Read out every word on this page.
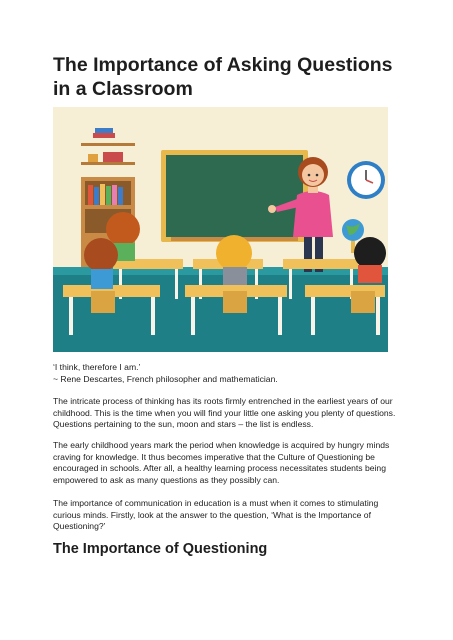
The Importance of Asking Questions in a Classroom

‘I think, therefore I am.’

~ Rene Descartes, French philosopher and mathematician.

The intricate process of thinking has its roots firmly entrenched in the earliest years of our childhood. This is the time when you will find your little one asking you plenty of questions. Questions pertaining to the sun, moon and stars – the list is endless.

The early childhood years mark the period when knowledge is acquired by hungry minds craving for knowledge. It thus becomes imperative that the Culture of Questioning be encouraged in schools. After all, a healthy learning process necessitates students being empowered to ask as many questions as they possibly can.

The importance of communication in education is a must when it comes to stimulating curious minds. Firstly, look at the answer to the question, ‘What is the Importance of Questioning?’

The Importance of Questioning
